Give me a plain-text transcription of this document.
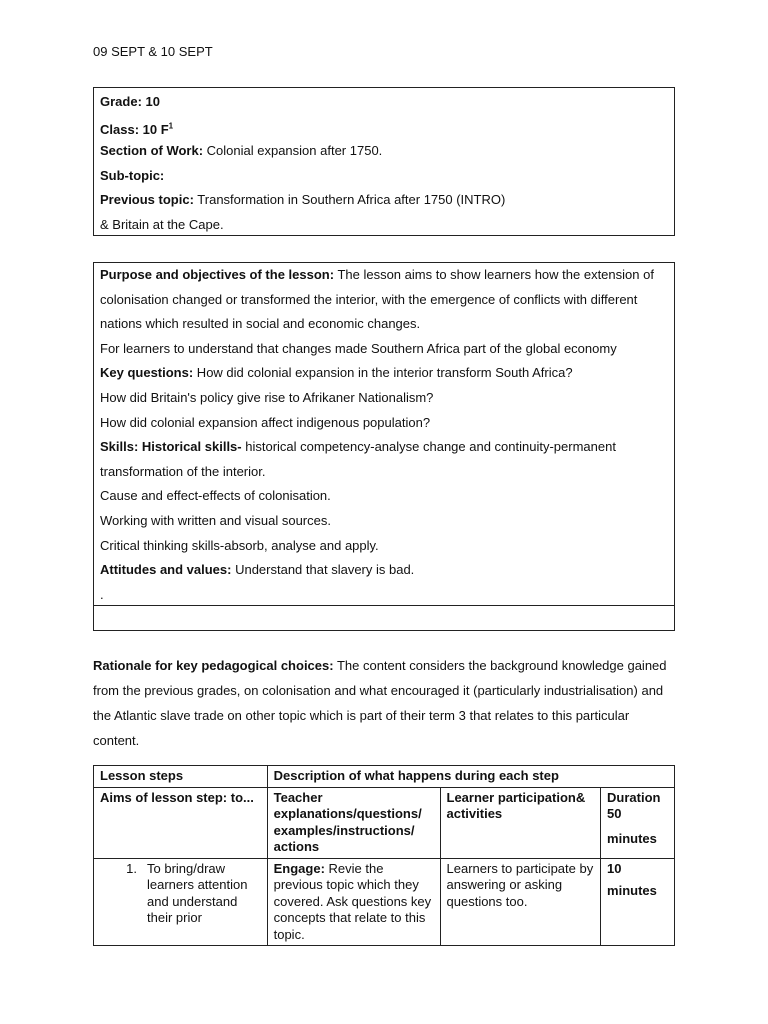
09 SEPT & 10 SEPT
Grade: 10
Class: 10 $F^1$
Section of Work: Colonial expansion after 1750.
Sub-topic:
Previous topic: Transformation in Southern Africa after 1750 (INTRO)
& Britain at the Cape.
Purpose and objectives of the lesson: The lesson aims to show learners how the extension of
colonisation changed or transformed the interior, with the emergence of conflicts with different
nations which resulted in social and economic changes.
For learners to understand that changes made Southern Africa part of the global economy
Key questions: How did colonial expansion in the interior transform South Africa?
How did Britain's policy give rise to Afrikaner Nationalism?
How did colonial expansion affect indigenous population?
Skills: Historical skills- historical competency-analyse change and continuity-permanent
transformation of the interior.
Cause and effect-effects of colonisation.
Working with written and visual sources.
Critical thinking skills-absorb, analyse and apply.
Attitudes and values: Understand that slavery is bad.
.
Rationale for key pedagogical choices: The content considers the background knowledge gained
from the previous grades, on colonisation and what encouraged it (particularly industrialisation) and
the Atlantic slave trade on other topic which is part of their term 3 that relates to this particular
content.
Lesson steps	Description of what happens during each step		
Aims of lesson step: to...	Teacher explanations/questions/ examples/instructions/ actions	Learner participation& activities	Duration 50
minutes

1. To bring/draw learners attention and understand their prior	Engage: Revie the previous topic which they covered. Ask questions key concepts that relate to this topic.	Learners to participate by answering or asking questions too.	10
minutes
